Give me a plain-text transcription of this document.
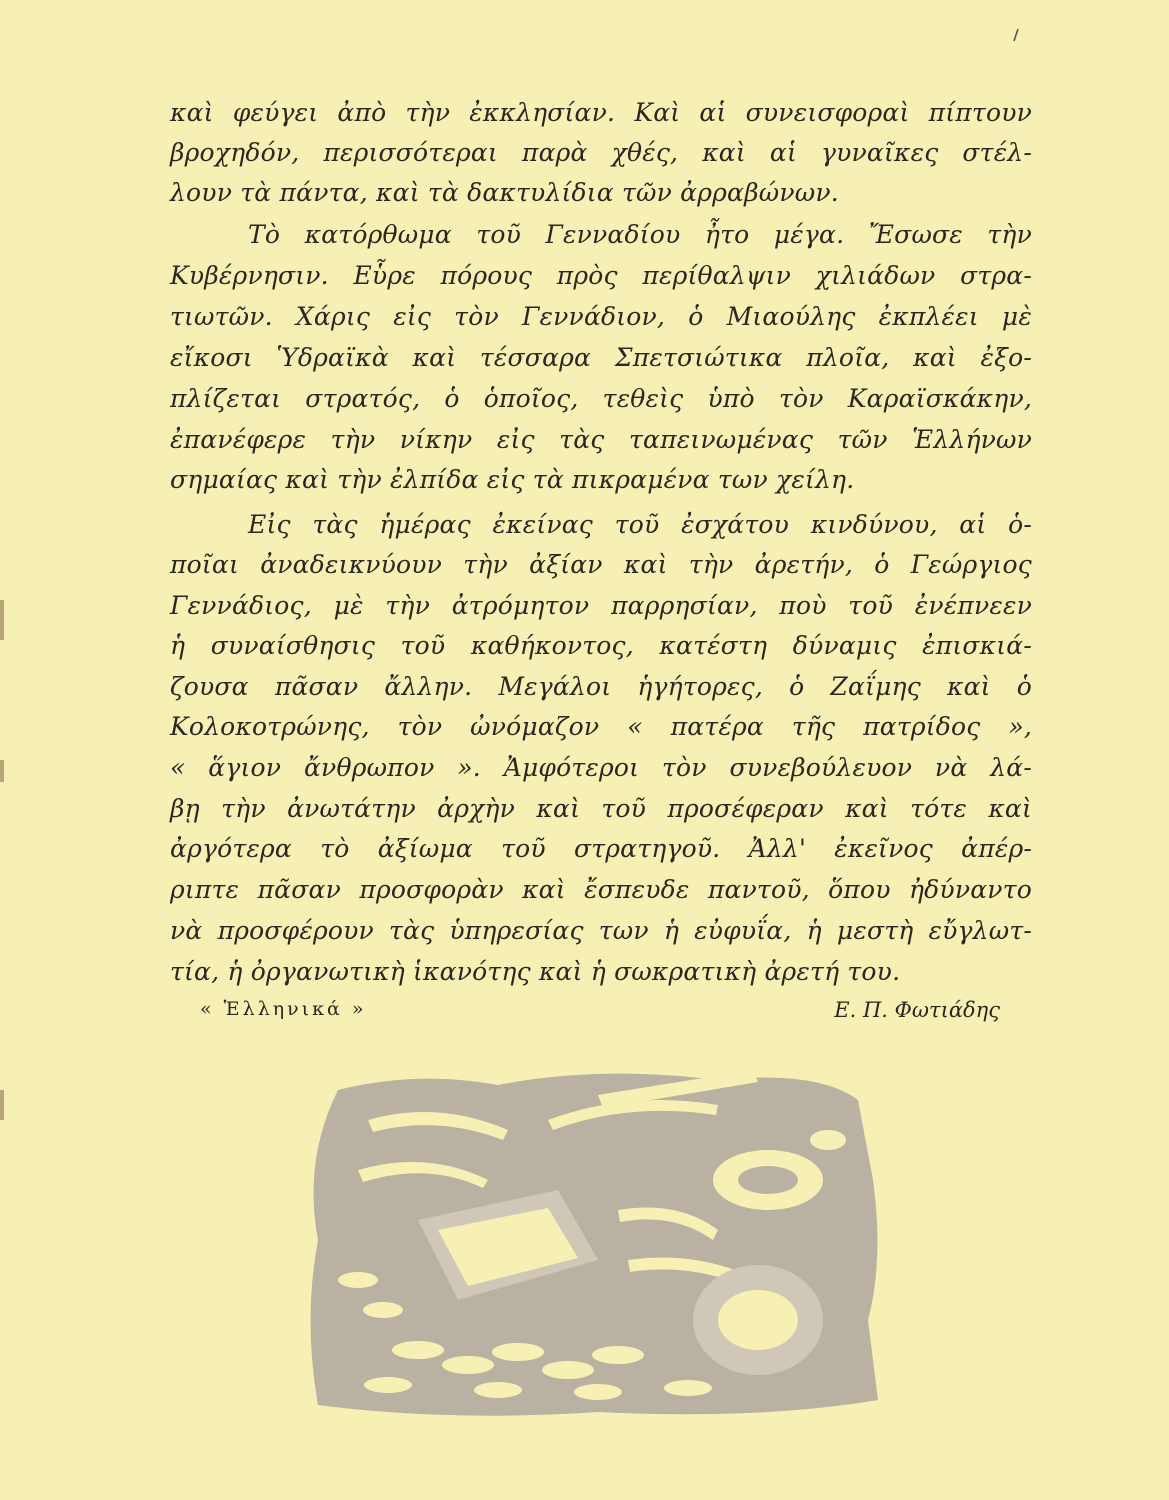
καὶ φεύγει ἀπὸ τὴν ἐκκλησίαν. Καὶ αἱ συνεισφοραὶ πίπτουν
βροχηδόν, περισσότεραι παρὰ χθές, καὶ αἱ γυναῖκες στέλ-
λουν τὰ πάντα, καὶ τὰ δακτυλίδια τῶν ἀρραβώνων.
Τὸ κατόρθωμα τοῦ Γενναδίου ἦτο μέγα. Ἔσωσε τὴν
Κυβέρνησιν. Εὗρε πόρους πρὸς περίθαλψιν χιλιάδων στρα-
τιωτῶν. Χάρις εἰς τὸν Γεννάδιον, ὁ Μιαούλης ἐκπλέει μὲ
εἴκοσι Ὑδραϊκὰ καὶ τέσσαρα Σπετσιώτικα πλοῖα, καὶ ἐξο-
πλίζεται στρατός, ὁ ὁποῖος, τεθεὶς ὑπὸ τὸν Καραϊσκάκην,
ἐπανέφερε τὴν νίκην εἰς τὰς ταπεινωμένας τῶν Ἑλλήνων
σημαίας καὶ τὴν ἐλπίδα εἰς τὰ πικραμένα των χείλη.
Εἰς τὰς ἡμέρας ἐκείνας τοῦ ἐσχάτου κινδύνου, αἱ ὁ-
ποῖαι ἀναδεικνύουν τὴν ἀξίαν καὶ τὴν ἀρετήν, ὁ Γεώργιος
Γεννάδιος, μὲ τὴν ἀτρόμητον παρρησίαν, ποὺ τοῦ ἐνέπνεεν
ἡ συναίσθησις τοῦ καθήκοντος, κατέστη δύναμις ἐπισκιά-
ζουσα πᾶσαν ἄλλην. Μεγάλοι ἡγήτορες, ὁ Ζαΐμης καὶ ὁ
Κολοκοτρώνης, τὸν ὠνόμαζον « πατέρα τῆς πατρίδος »,
« ἅγιον ἄνθρωπον ». Ἀμφότεροι τὸν συνεβούλευον νὰ λά-
βῃ τὴν ἀνωτάτην ἀρχὴν καὶ τοῦ προσέφεραν καὶ τότε καὶ
ἀργότερα τὸ ἀξίωμα τοῦ στρατηγοῦ. Ἀλλ' ἐκεῖνος ἀπέρ-
ριπτε πᾶσαν προσφορὰν καὶ ἔσπευδε παντοῦ, ὅπου ἠδύναντο
νὰ προσφέρουν τὰς ὑπηρεσίας των ἡ εὐφυΐα, ἡ μεστὴ εὔγλωτ-
τία, ἡ ὀργανωτικὴ ἱκανότης καὶ ἡ σωκρατικὴ ἀρετή του.
« Ἑλληνικά »	Ε. Π. Φωτιάδης
